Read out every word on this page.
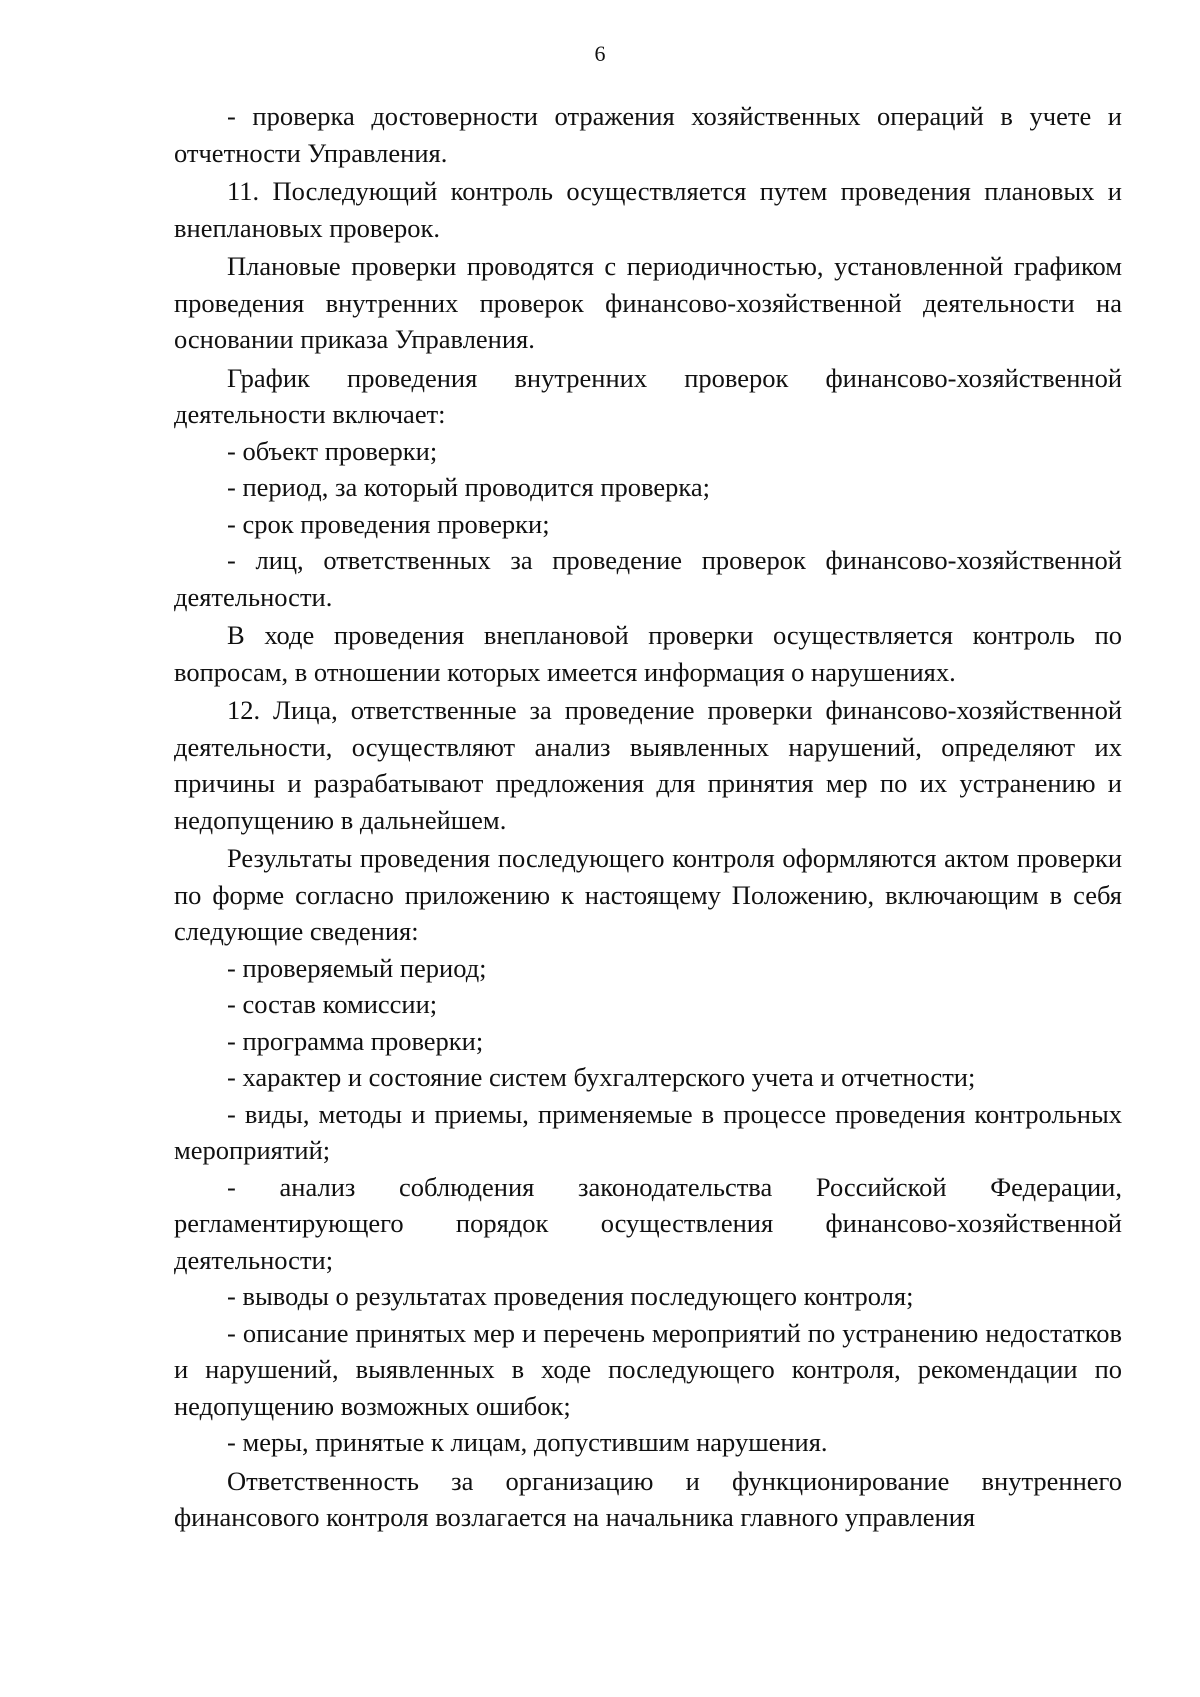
6

- проверка достоверности отражения хозяйственных операций в учете и отчетности Управления.

11. Последующий контроль осуществляется путем проведения плановых и внеплановых проверок.

Плановые проверки проводятся с периодичностью, установленной графиком проведения внутренних проверок финансово-хозяйственной деятельности на основании приказа Управления.

График проведения внутренних проверок финансово-хозяйственной деятельности включает:

- объект проверки;

- период, за который проводится проверка;

- срок проведения проверки;

- лиц, ответственных за проведение проверок финансово-хозяйственной деятельности.

В ходе проведения внеплановой проверки осуществляется контроль по вопросам, в отношении которых имеется информация о нарушениях.

12. Лица, ответственные за проведение проверки финансово-хозяйственной деятельности, осуществляют анализ выявленных нарушений, определяют их причины и разрабатывают предложения для принятия мер по их устранению и недопущению в дальнейшем.

Результаты проведения последующего контроля оформляются актом проверки по форме согласно приложению к настоящему Положению, включающим в себя следующие сведения:

- проверяемый период;

- состав комиссии;

- программа проверки;

- характер и состояние систем бухгалтерского учета и отчетности;

- виды, методы и приемы, применяемые в процессе проведения контрольных мероприятий;

- анализ соблюдения законодательства Российской Федерации, регламентирующего порядок осуществления финансово-хозяйственной деятельности;

- выводы о результатах проведения последующего контроля;

- описание принятых мер и перечень мероприятий по устранению недостатков и нарушений, выявленных в ходе последующего контроля, рекомендации по недопущению возможных ошибок;

- меры, принятые к лицам, допустившим нарушения.

Ответственность за организацию и функционирование внутреннего финансового контроля возлагается на начальника главного управления
